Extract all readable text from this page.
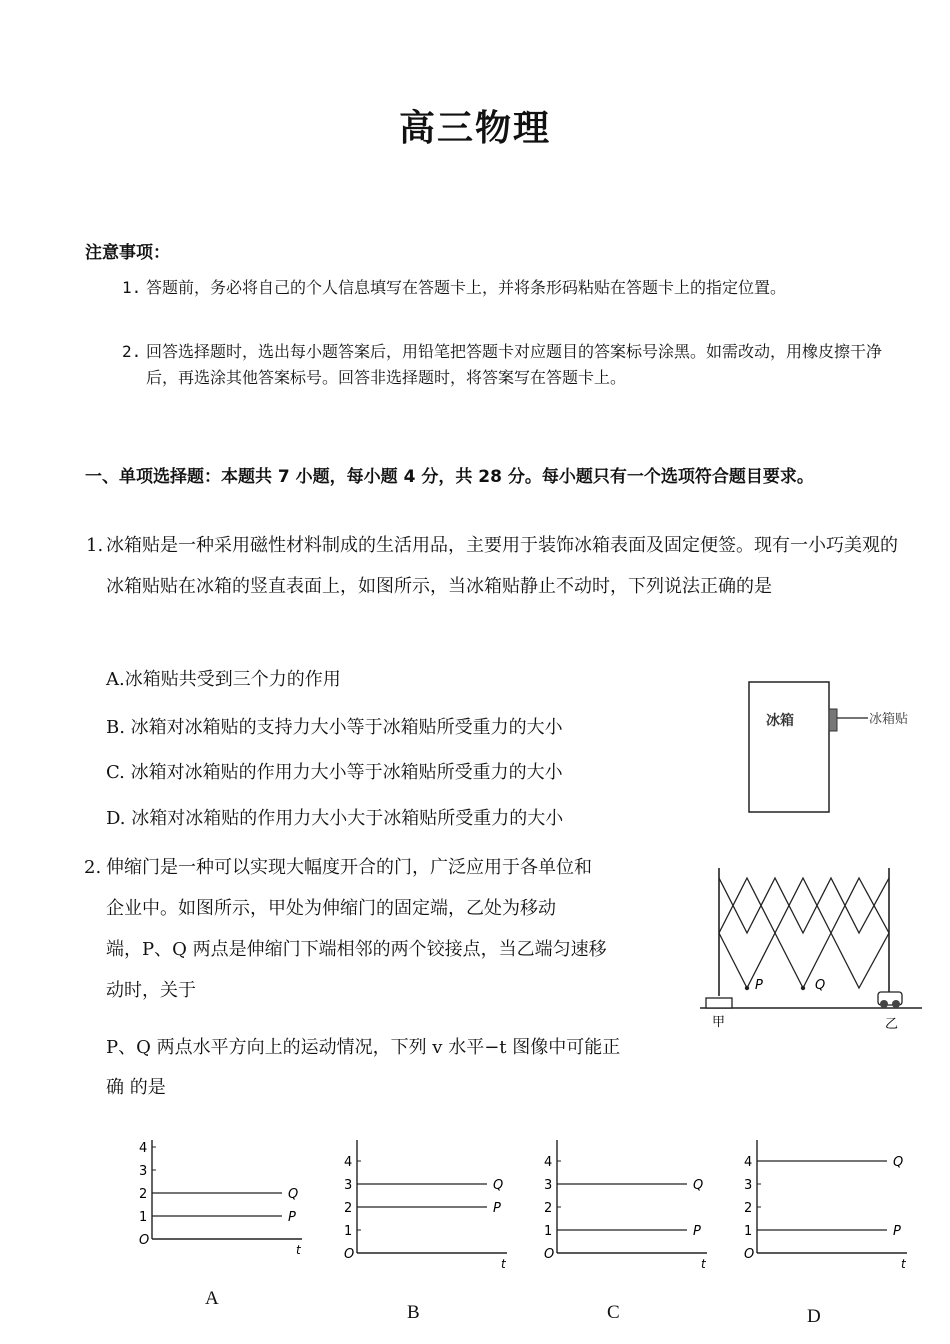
高三物理
注意事项：
1. 答题前，务必将自己的个人信息填写在答题卡上，并将条形码粘贴在答题卡上的指定位置。
2. 回答选择题时，选出每小题答案后，用铅笔把答题卡对应题目的答案标号涂黑。如需改动，用橡皮擦干净后，再选涂其他答案标号。回答非选择题时，将答案写在答题卡上。
一、单项选择题：本题共 7 小题，每小题 4 分，共 28 分。每小题只有一个选项符合题目要求。
1. 冰箱贴是一种采用磁性材料制成的生活用品，主要用于装饰冰箱表面及固定便签。现有一小巧美观的冰箱贴贴在冰箱的竖直表面上，如图所示，当冰箱贴静止不动时，下列说法正确的是
A.冰箱贴共受到三个力的作用
B. 冰箱对冰箱贴的支持力大小等于冰箱贴所受重力的大小
C. 冰箱对冰箱贴的作用力大小等于冰箱贴所受重力的大小
D. 冰箱对冰箱贴的作用力大小大于冰箱贴所受重力的大小
冰箱	冰箱贴
2. 伸缩门是一种可以实现大幅度开合的门，广泛应用于各单位和
企业中。如图所示，甲处为伸缩门的固定端，乙处为移动
端，P、Q 两点是伸缩门下端相邻的两个铰接点，当乙端匀速移
动时，关于
P、Q 两点水平方向上的运动情况，下列 v 水平−t 图像中可能正
确 的是
P	Q
甲	乙
O
1
2
3
4
t
Q
P
O
1
2
3
4
t
Q
P
O
1
2
3
4
t
Q
P
O
1
2
3
4
t
Q
P
A
B	C	D
